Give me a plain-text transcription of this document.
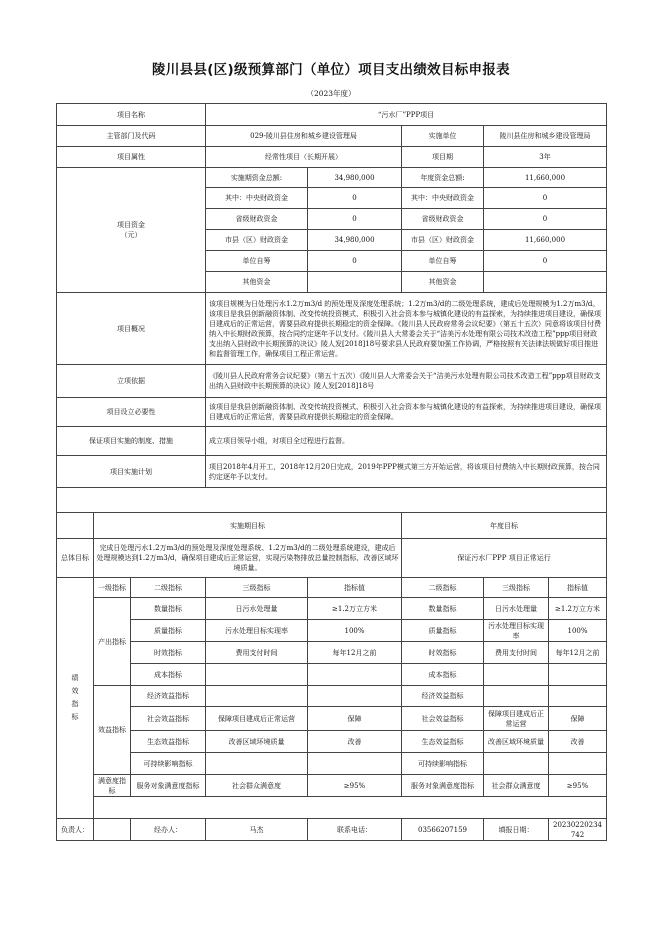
陵川县县(区)级预算部门（单位）项目支出绩效目标申报表
（2023年度）
项目名称			“污水厂”PPP项目				
主管部门及代码			029-陵川县住房和城乡建设管理局		实施单位	陵川县住房和城乡建设管理局	
项目属性			经常性项目（长期开展）		项目期	3年	
项目资金
（元）			实施期资金总额:	34,980,000	年度资金总额:	11,660,000	
			其中：中央财政资金	0	其中：中央财政资金	0	
			省级财政资金	0	省级财政资金	0	
			市县（区）财政资金	34,980,000	市县（区）财政资金	11,660,000	
			单位自筹	0	单位自筹	0	
			其他资金		其他资金		
项目概况			该项目规模为日处理污水1.2万m3/d 的预处理及深度处理系统；1.2万m3/d的二级处理系统，建成后处理规模为1.2万m3/d。该项目是我县创新融资体制、改变传统投资模式、积极引入社会资本参与城镇化建设的有益探索，为持续推进项目建设，确保项目建成后的正常运营，需要县政府提供长期稳定的资金保障。《陵川县人民政府常务会议纪要》（第五十五次）同意将该项目付费纳入中长期财政预算，按合同约定逐年予以支付。《陵川县人大常委会关于“洁美污水处理有限公司技术改造工程”ppp项目财政支出纳入县财政中长期预算的决议》陵人发[2018]18号要求县人民政府要加强工作协调，严格按照有关法律法规做好项目推进和监督管理工作，确保项目工程正常运营。				
立项依据			《陵川县人民政府常务会议纪要》（第五十五次）《陵川县人大常委会关于“洁美污水处理有限公司技术改造工程”ppp项目财政支出纳入县财政中长期预算的决议》陵人发[2018]18号				
项目设立必要性			该项目是我县创新融资体制、改变传统投资模式、积极引入社会资本参与城镇化建设的有益探索，为持续推进项目建设，确保项目建成后的正常运营，需要县政府提供长期稳定的资金保障。				
保证项目实施的制度、措施			成立项目领导小组，对项目全过程进行监督。				
项目实施计划			项目2018年4月开工，2018年12月20日完成，2019年PPP模式第三方开始运营，将该项目付费纳入中长期财政预算，按合同约定逐年予以支付。				

	实施期目标				年度目标		
总体目标	完成日处理污水1.2万m3/d的预处理及深度处理系统、1.2万m3/d的二级处理系统建设，建成后处理规模达到1.2万m3/d，确保项目建成后正常运营，实现污染物排放总量控制指标，改善区域环境质量。				保证污水厂PPP 项目正常运行		
绩
效
指
标	一级指标	二级指标	三级指标	指标值	二级指标	三级指标	指标值
	产出指标	数量指标	日污水处理量	≥1.2万立方米	数量指标	日污水处理量	≥1.2万立方米
		质量指标	污水处理目标实现率	100%	质量指标	污水处理目标实现率	100%
		时效指标	费用支付时间	每年12月之前	时效指标	费用支付时间	每年12月之前
		成本指标			成本指标		
	效益指标	经济效益指标			经济效益指标		
		社会效益指标	保障项目建成后正常运营	保障	社会效益指标	保障项目建成后正常运营	保障
		生态效益指标	改善区域环境质量	改善	生态效益指标	改善区域环境质量	改善
		可持续影响指标			可持续影响指标		
	满意度指标	服务对象满意度指标	社会群众满意度	≥95%	服务对象满意度指标	社会群众满意度	≥95%

负责人：		经办人：	马杰	联系电话：	03566207159	填报日期：	20230220234742
